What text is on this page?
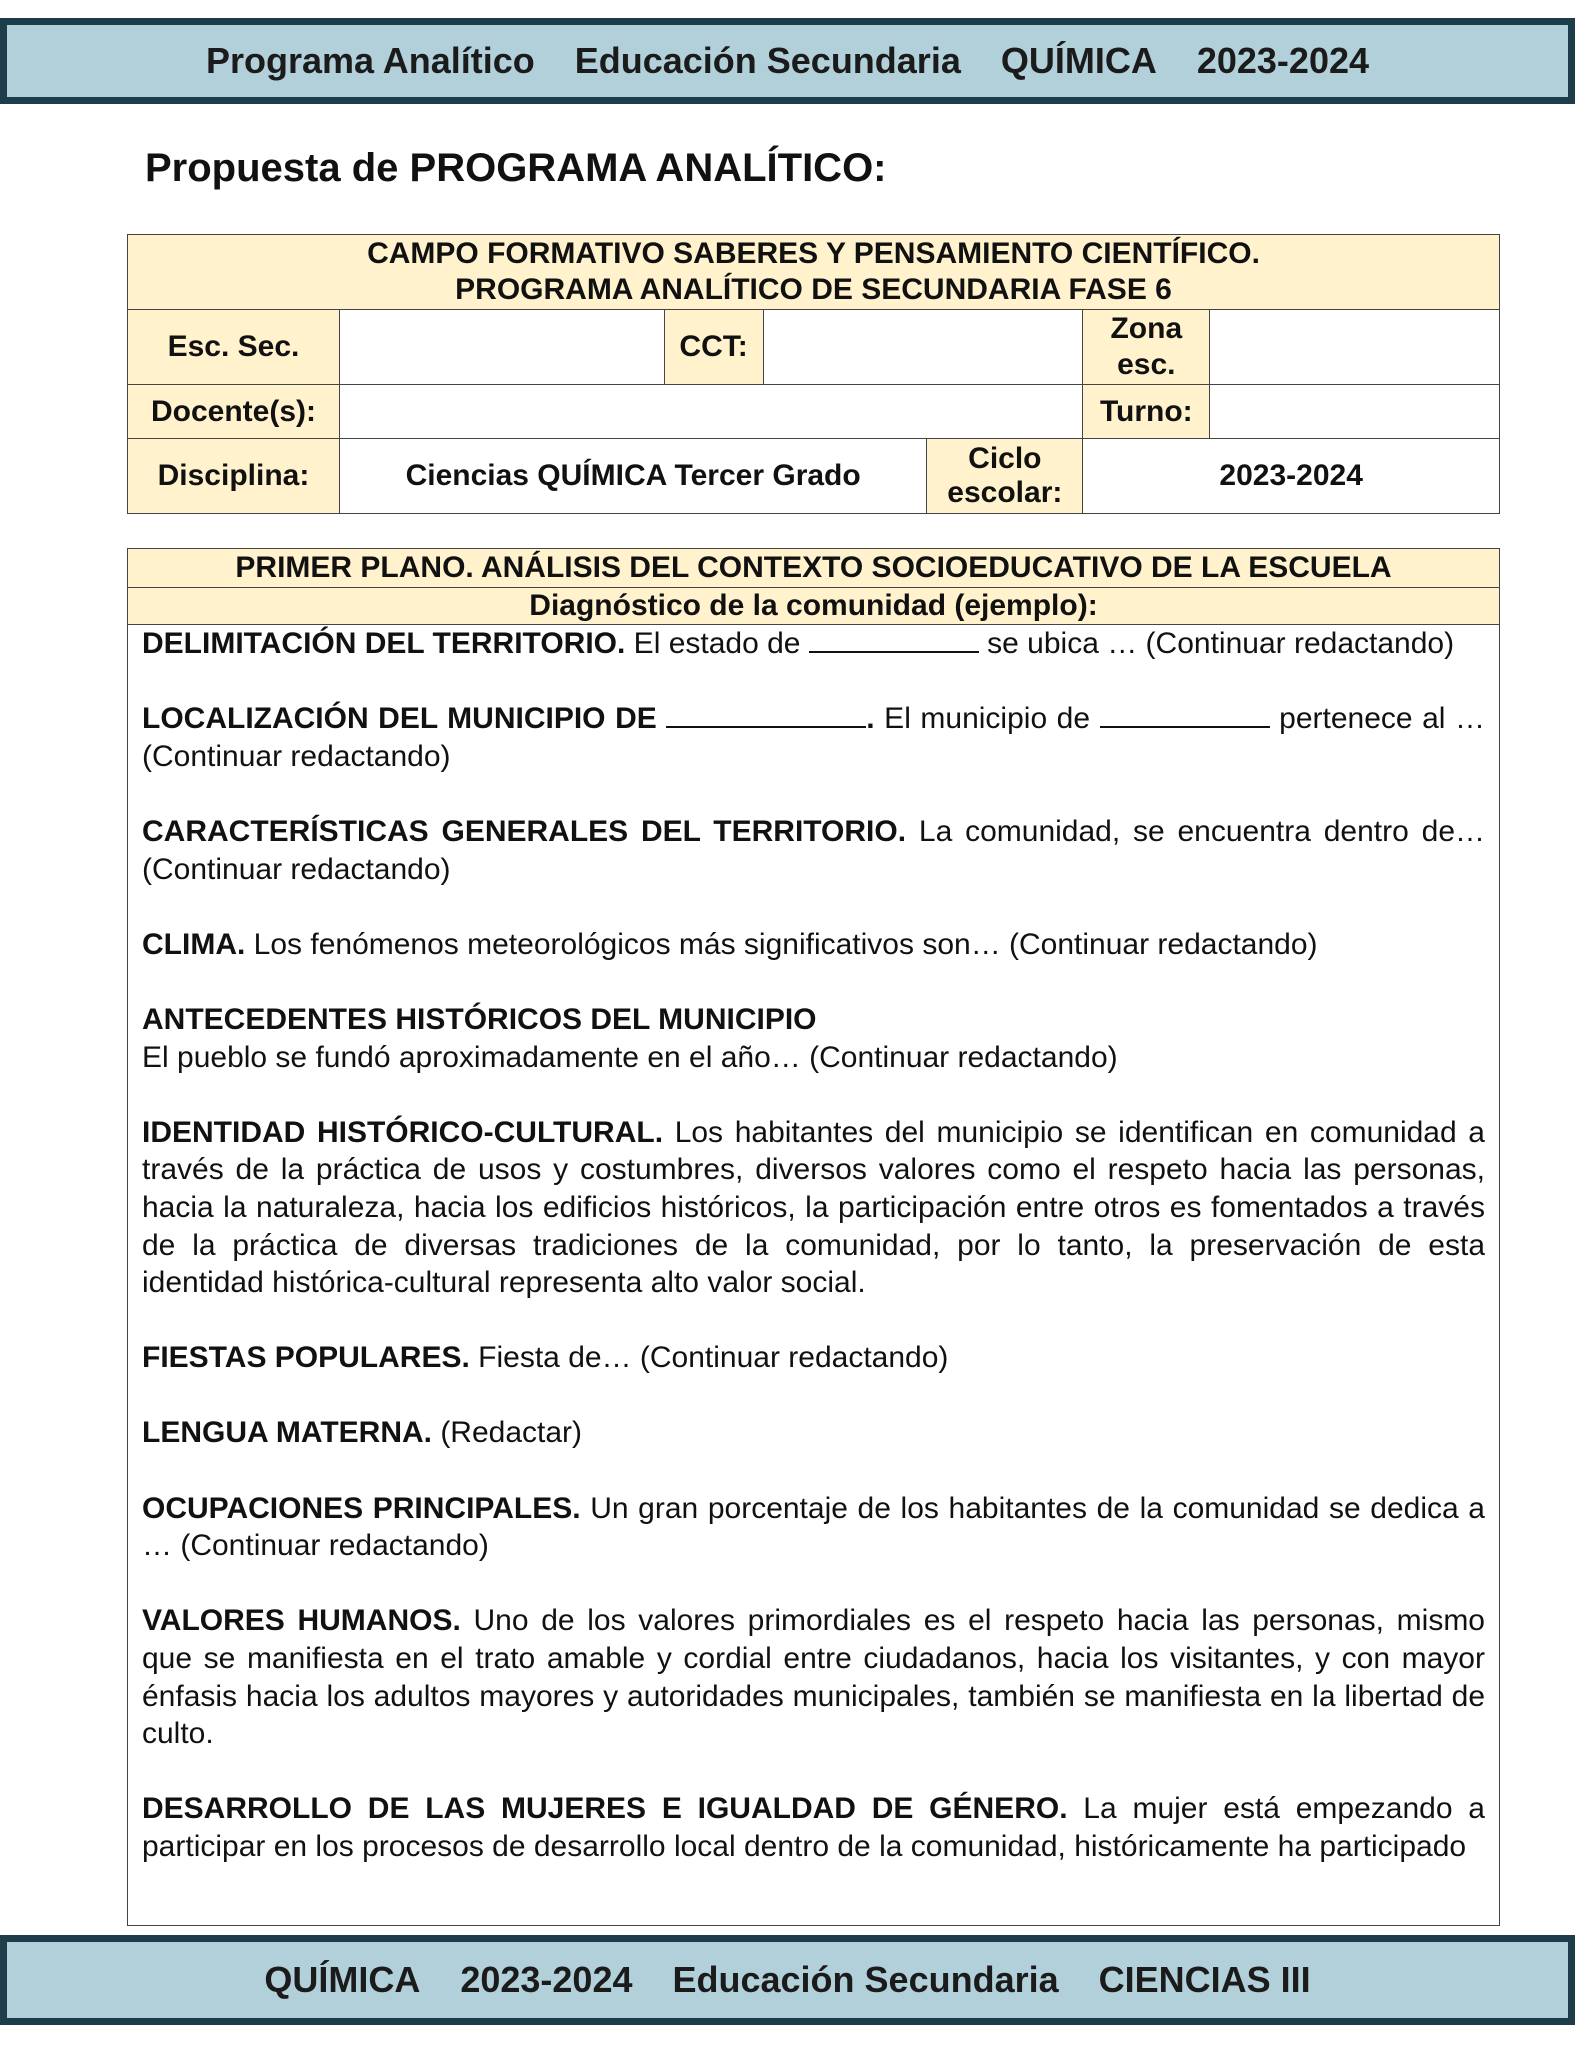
Programa Analítico Educación Secundaria QUÍMICA 2023-2024
Propuesta de PROGRAMA ANALÍTICO:
CAMPO FORMATIVO SABERES Y PENSAMIENTO CIENTÍFICO.
PROGRAMA ANALÍTICO DE SECUNDARIA FASE 6						

Esc. Sec.		CCT:			Zona esc.	
Docente(s):					Turno:	
Disciplina:	Ciencias QUÍMICA Tercer Grado			Ciclo escolar:	2023-2024	
PRIMER PLANO. ANÁLISIS DEL CONTEXTO SOCIOEDUCATIVO DE LA ESCUELA
Diagnóstico de la comunidad (ejemplo):

DELIMITACIÓN DEL TERRITORIO. El estado de	se ubica … (Continuar redactando)

LOCALIZACIÓN DEL MUNICIPIO DE	. El municipio de	pertenece al … (Continuar redactando)

CARACTERÍSTICAS GENERALES DEL TERRITORIO. La comunidad, se encuentra dentro de… (Continuar redactando)

CLIMA. Los fenómenos meteorológicos más significativos son… (Continuar redactando)

ANTECEDENTES HISTÓRICOS DEL MUNICIPIO
El pueblo se fundó aproximadamente en el año… (Continuar redactando)

IDENTIDAD HISTÓRICO-CULTURAL. Los habitantes del municipio se identifican en comunidad a través de la práctica de usos y costumbres, diversos valores como el respeto hacia las personas, hacia la naturaleza, hacia los edificios históricos, la participación entre otros es fomentados a través de la práctica de diversas tradiciones de la comunidad, por lo tanto, la preservación de esta identidad histórica-cultural representa alto valor social.

FIESTAS POPULARES. Fiesta de… (Continuar redactando)

LENGUA MATERNA. (Redactar)

OCUPACIONES PRINCIPALES. Un gran porcentaje de los habitantes de la comunidad se dedica a … (Continuar redactando)

VALORES HUMANOS. Uno de los valores primordiales es el respeto hacia las personas, mismo que se manifiesta en el trato amable y cordial entre ciudadanos, hacia los visitantes, y con mayor énfasis hacia los adultos mayores y autoridades municipales, también se manifiesta en la libertad de culto.

DESARROLLO DE LAS MUJERES E IGUALDAD DE GÉNERO. La mujer está empezando a participar en los procesos de desarrollo local dentro de la comunidad, históricamente ha participado

QUÍMICA 2023-2024 Educación Secundaria CIENCIAS III
